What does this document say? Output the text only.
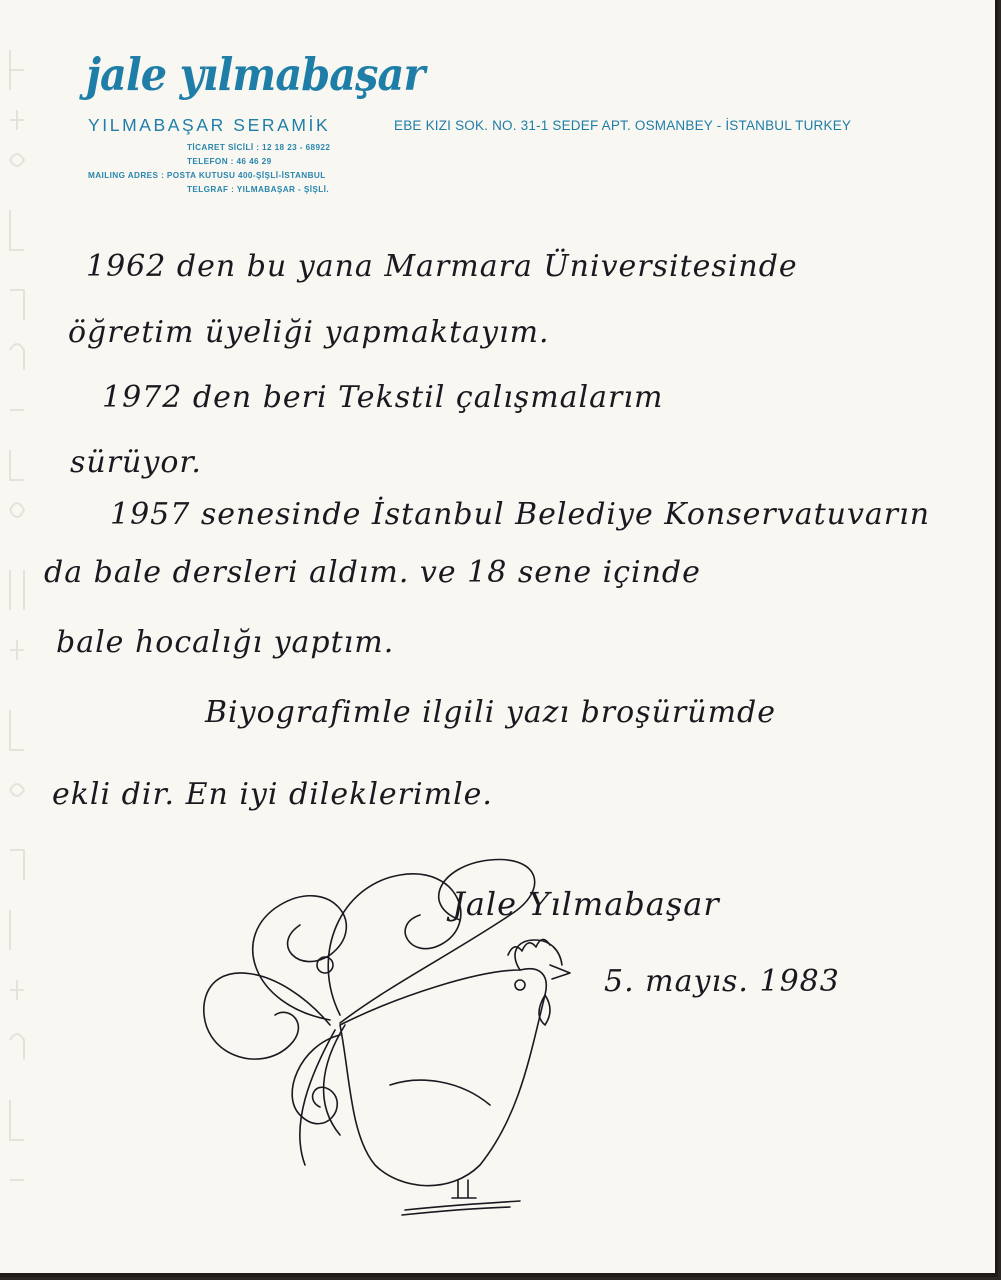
jale yılmabaşar
YILMABAŞAR SERAMİK	EBE KIZI SOK. NO. 31-1 SEDEF APT. OSMANBEY - İSTANBUL TURKEY
TİCARET SİCİLİ : 12 18 23 - 68922
TELEFON : 46 46 29
MAILING ADRES : POSTA KUTUSU 400-ŞİŞLİ-İSTANBUL
TELGRAF : YILMABAŞAR - ŞİŞLİ.
1962 den bu yana Marmara Üniversitesinde
öğretim üyeliği yapmaktayım.
1972 den beri Tekstil çalışmalarım
sürüyor.
1957 senesinde İstanbul Belediye Konservatuvarın
da bale dersleri aldım. ve 18 sene içinde
bale hocalığı yaptım.
Biyografimle ilgili yazı broşürümde
ekli dir. En iyi dileklerimle.
Jale Yılmabaşar
5. mayıs. 1983
